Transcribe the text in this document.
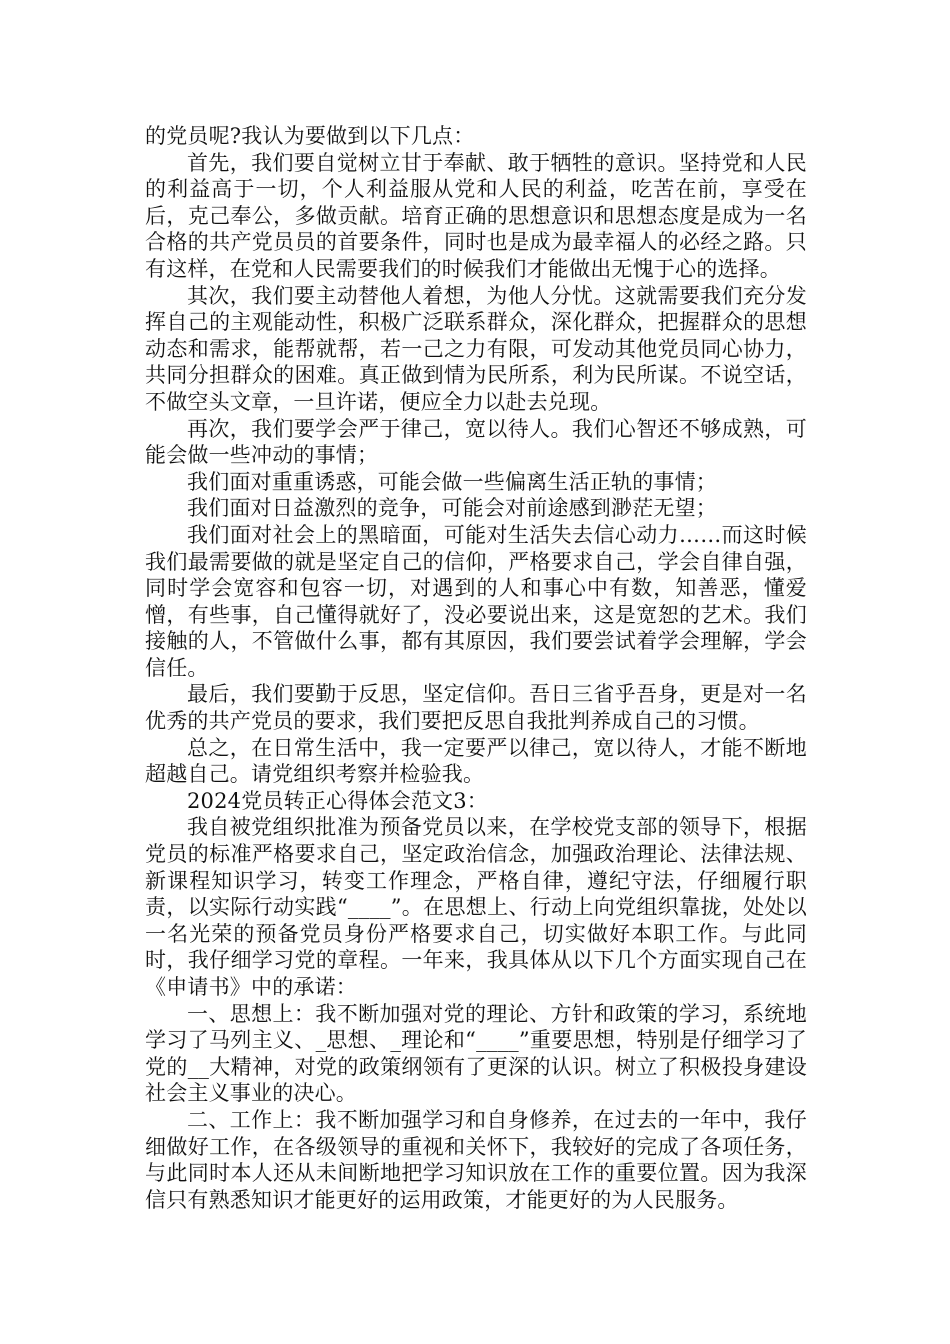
的党员呢?我认为要做到以下几点：

首先，我们要自觉树立甘于奉献、敢于牺牲的意识。坚持党和人民的利益高于一切，个人利益服从党和人民的利益，吃苦在前，享受在后，克己奉公，多做贡献。培育正确的思想意识和思想态度是成为一名合格的共产党员员的首要条件，同时也是成为最幸福人的必经之路。只有这样，在党和人民需要我们的时候我们才能做出无愧于心的选择。

其次，我们要主动替他人着想，为他人分忧。这就需要我们充分发挥自己的主观能动性，积极广泛联系群众，深化群众，把握群众的思想动态和需求，能帮就帮，若一己之力有限，可发动其他党员同心协力，共同分担群众的困难。真正做到情为民所系，利为民所谋。不说空话，不做空头文章，一旦许诺，便应全力以赴去兑现。

再次，我们要学会严于律己，宽以待人。我们心智还不够成熟，可能会做一些冲动的事情；

我们面对重重诱惑，可能会做一些偏离生活正轨的事情；

我们面对日益激烈的竞争，可能会对前途感到渺茫无望；

我们面对社会上的黑暗面，可能对生活失去信心动力……而这时候我们最需要做的就是坚定自己的信仰，严格要求自己，学会自律自强，同时学会宽容和包容一切，对遇到的人和事心中有数，知善恶，懂爱憎，有些事，自己懂得就好了，没必要说出来，这是宽恕的艺术。我们接触的人，不管做什么事，都有其原因，我们要尝试着学会理解，学会信任。

最后，我们要勤于反思，坚定信仰。吾日三省乎吾身，更是对一名优秀的共产党员的要求，我们要把反思自我批判养成自己的习惯。

总之，在日常生活中，我一定要严以律己，宽以待人，才能不断地超越自己。请党组织考察并检验我。

2024党员转正心得体会范文3：

我自被党组织批准为预备党员以来，在学校党支部的领导下，根据党员的标准严格要求自己，坚定政治信念，加强政治理论、法律法规、新课程知识学习，转变工作理念，严格自律，遵纪守法，仔细履行职责，以实际行动实践“____”。在思想上、行动上向党组织靠拢，处处以一名光荣的预备党员身份严格要求自己，切实做好本职工作。与此同时，我仔细学习党的章程。一年来，我具体从以下几个方面实现自己在《申请书》中的承诺：

一、思想上：我不断加强对党的理论、方针和政策的学习，系统地学习了马列主义、_思想、_理论和“____”重要思想，特别是仔细学习了党的__大精神，对党的政策纲领有了更深的认识。树立了积极投身建设社会主义事业的决心。

二、工作上：我不断加强学习和自身修养，在过去的一年中，我仔细做好工作，在各级领导的重视和关怀下，我较好的完成了各项任务，与此同时本人还从未间断地把学习知识放在工作的重要位置。因为我深信只有熟悉知识才能更好的运用政策，才能更好的为人民服务。
